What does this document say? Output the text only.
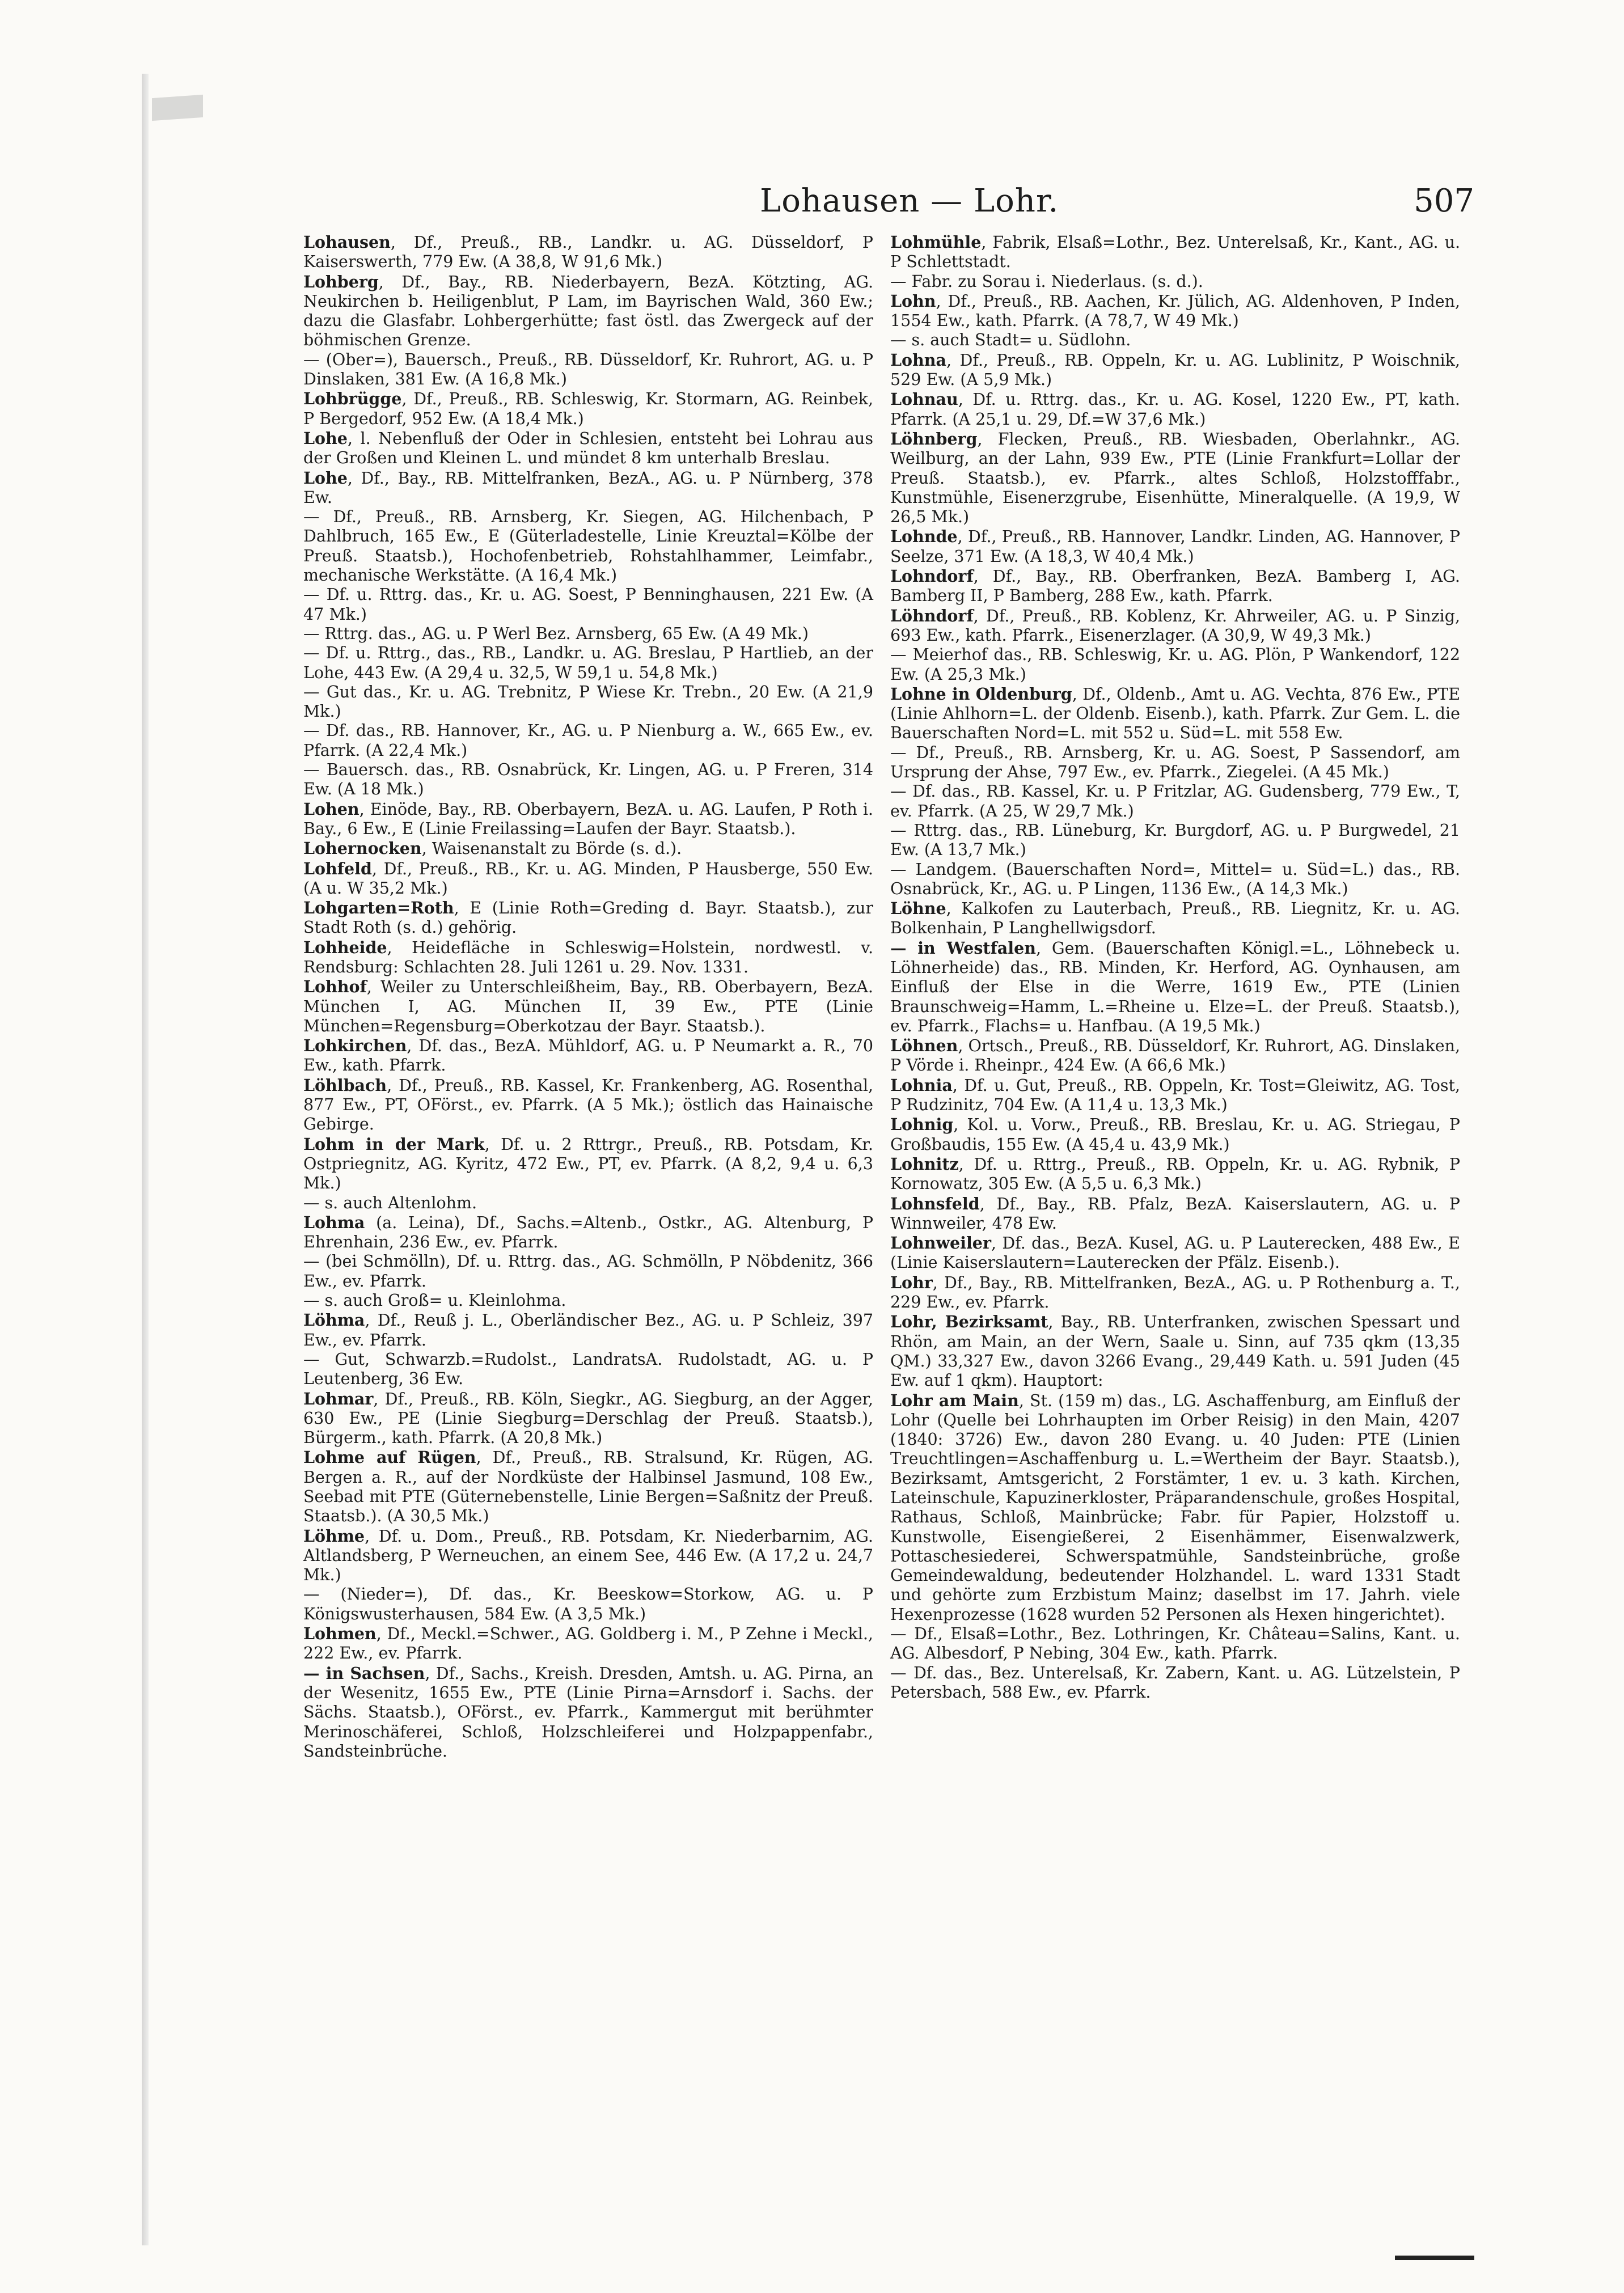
Lohausen — Lohr.	507

Lohausen, Df., Preuß., RB., Landkr. u. AG. Düsseldorf, P Kaiserswerth, 779 Ew. (A 38,8, W 91,6 Mk.)

Lohberg, Df., Bay., RB. Niederbayern, BezA. Kötzting, AG. Neukirchen b. Heiligenblut, P Lam, im Bayrischen Wald, 360 Ew.; dazu die Glasfabr. Lohbergerhütte; fast östl. das Zwergeck auf der böhmischen Grenze.

— (Ober=), Bauersch., Preuß., RB. Düsseldorf, Kr. Ruhrort, AG. u. P Dinslaken, 381 Ew. (A 16,8 Mk.)

Lohbrügge, Df., Preuß., RB. Schleswig, Kr. Stormarn, AG. Reinbek, P Bergedorf, 952 Ew. (A 18,4 Mk.)

Lohe, l. Nebenfluß der Oder in Schlesien, entsteht bei Lohrau aus der Großen und Kleinen L. und mündet 8 km unterhalb Breslau.

Lohe, Df., Bay., RB. Mittelfranken, BezA., AG. u. P Nürnberg, 378 Ew.

— Df., Preuß., RB. Arnsberg, Kr. Siegen, AG. Hilchenbach, P Dahlbruch, 165 Ew., E (Güterladestelle, Linie Kreuztal=Kölbe der Preuß. Staatsb.), Hochofenbetrieb, Rohstahlhammer, Leimfabr., mechanische Werkstätte. (A 16,4 Mk.)

— Df. u. Rttrg. das., Kr. u. AG. Soest, P Benninghausen, 221 Ew. (A 47 Mk.)

— Rttrg. das., AG. u. P Werl Bez. Arnsberg, 65 Ew. (A 49 Mk.)

— Df. u. Rttrg., das., RB., Landkr. u. AG. Breslau, P Hartlieb, an der Lohe, 443 Ew. (A 29,4 u. 32,5, W 59,1 u. 54,8 Mk.)

— Gut das., Kr. u. AG. Trebnitz, P Wiese Kr. Trebn., 20 Ew. (A 21,9 Mk.)

— Df. das., RB. Hannover, Kr., AG. u. P Nienburg a. W., 665 Ew., ev. Pfarrk. (A 22,4 Mk.)

— Bauersch. das., RB. Osnabrück, Kr. Lingen, AG. u. P Freren, 314 Ew. (A 18 Mk.)

Lohen, Einöde, Bay., RB. Oberbayern, BezA. u. AG. Laufen, P Roth i. Bay., 6 Ew., E (Linie Freilassing=Laufen der Bayr. Staatsb.).

Lohernocken, Waisenanstalt zu Börde (s. d.).

Lohfeld, Df., Preuß., RB., Kr. u. AG. Minden, P Hausberge, 550 Ew. (A u. W 35,2 Mk.)

Lohgarten=Roth, E (Linie Roth=Greding d. Bayr. Staatsb.), zur Stadt Roth (s. d.) gehörig.

Lohheide, Heidefläche in Schleswig=Holstein, nordwestl. v. Rendsburg: Schlachten 28. Juli 1261 u. 29. Nov. 1331.

Lohhof, Weiler zu Unterschleißheim, Bay., RB. Oberbayern, BezA. München I, AG. München II, 39 Ew., PTE (Linie München=Regensburg=Oberkotzau der Bayr. Staatsb.).

Lohkirchen, Df. das., BezA. Mühldorf, AG. u. P Neumarkt a. R., 70 Ew., kath. Pfarrk.

Löhlbach, Df., Preuß., RB. Kassel, Kr. Frankenberg, AG. Rosenthal, 877 Ew., PT, OFörst., ev. Pfarrk. (A 5 Mk.); östlich das Hainaische Gebirge.

Lohm in der Mark, Df. u. 2 Rttrgr., Preuß., RB. Potsdam, Kr. Ostpriegnitz, AG. Kyritz, 472 Ew., PT, ev. Pfarrk. (A 8,2, 9,4 u. 6,3 Mk.)

— s. auch Altenlohm.

Lohma (a. Leina), Df., Sachs.=Altenb., Ostkr., AG. Altenburg, P Ehrenhain, 236 Ew., ev. Pfarrk.

— (bei Schmölln), Df. u. Rttrg. das., AG. Schmölln, P Nöbdenitz, 366 Ew., ev. Pfarrk.

— s. auch Groß= u. Kleinlohma.

Löhma, Df., Reuß j. L., Oberländischer Bez., AG. u. P Schleiz, 397 Ew., ev. Pfarrk.

— Gut, Schwarzb.=Rudolst., LandratsA. Rudolstadt, AG. u. P Leutenberg, 36 Ew.

Lohmar, Df., Preuß., RB. Köln, Siegkr., AG. Siegburg, an der Agger, 630 Ew., PE (Linie Siegburg=Derschlag der Preuß. Staatsb.), Bürgerm., kath. Pfarrk. (A 20,8 Mk.)

Lohme auf Rügen, Df., Preuß., RB. Stralsund, Kr. Rügen, AG. Bergen a. R., auf der Nordküste der Halbinsel Jasmund, 108 Ew., Seebad mit PTE (Güternebenstelle, Linie Bergen=Saßnitz der Preuß. Staatsb.). (A 30,5 Mk.)

Löhme, Df. u. Dom., Preuß., RB. Potsdam, Kr. Niederbarnim, AG. Altlandsberg, P Werneuchen, an einem See, 446 Ew. (A 17,2 u. 24,7 Mk.)

— (Nieder=), Df. das., Kr. Beeskow=Storkow, AG. u. P Königswusterhausen, 584 Ew. (A 3,5 Mk.)

Lohmen, Df., Meckl.=Schwer., AG. Goldberg i. M., P Zehne i Meckl., 222 Ew., ev. Pfarrk.

— in Sachsen, Df., Sachs., Kreish. Dresden, Amtsh. u. AG. Pirna, an der Wesenitz, 1655 Ew., PTE (Linie Pirna=Arnsdorf i. Sachs. der Sächs. Staatsb.), OFörst., ev. Pfarrk., Kammergut mit berühmter Merinoschäferei, Schloß, Holzschleiferei und Holzpappenfabr., Sandsteinbrüche.

Lohmühle, Fabrik, Elsaß=Lothr., Bez. Unterelsaß, Kr., Kant., AG. u. P Schlettstadt.

— Fabr. zu Sorau i. Niederlaus. (s. d.).

Lohn, Df., Preuß., RB. Aachen, Kr. Jülich, AG. Aldenhoven, P Inden, 1554 Ew., kath. Pfarrk. (A 78,7, W 49 Mk.)

— s. auch Stadt= u. Südlohn.

Lohna, Df., Preuß., RB. Oppeln, Kr. u. AG. Lublinitz, P Woischnik, 529 Ew. (A 5,9 Mk.)

Lohnau, Df. u. Rttrg. das., Kr. u. AG. Kosel, 1220 Ew., PT, kath. Pfarrk. (A 25,1 u. 29, Df.=W 37,6 Mk.)

Löhnberg, Flecken, Preuß., RB. Wiesbaden, Oberlahnkr., AG. Weilburg, an der Lahn, 939 Ew., PTE (Linie Frankfurt=Lollar der Preuß. Staatsb.), ev. Pfarrk., altes Schloß, Holzstofffabr., Kunstmühle, Eisenerzgrube, Eisenhütte, Mineralquelle. (A 19,9, W 26,5 Mk.)

Lohnde, Df., Preuß., RB. Hannover, Landkr. Linden, AG. Hannover, P Seelze, 371 Ew. (A 18,3, W 40,4 Mk.)

Lohndorf, Df., Bay., RB. Oberfranken, BezA. Bamberg I, AG. Bamberg II, P Bamberg, 288 Ew., kath. Pfarrk.

Löhndorf, Df., Preuß., RB. Koblenz, Kr. Ahrweiler, AG. u. P Sinzig, 693 Ew., kath. Pfarrk., Eisenerzlager. (A 30,9, W 49,3 Mk.)

— Meierhof das., RB. Schleswig, Kr. u. AG. Plön, P Wankendorf, 122 Ew. (A 25,3 Mk.)

Lohne in Oldenburg, Df., Oldenb., Amt u. AG. Vechta, 876 Ew., PTE (Linie Ahlhorn=L. der Oldenb. Eisenb.), kath. Pfarrk. Zur Gem. L. die Bauerschaften Nord=L. mit 552 u. Süd=L. mit 558 Ew.

— Df., Preuß., RB. Arnsberg, Kr. u. AG. Soest, P Sassendorf, am Ursprung der Ahse, 797 Ew., ev. Pfarrk., Ziegelei. (A 45 Mk.)

— Df. das., RB. Kassel, Kr. u. P Fritzlar, AG. Gudensberg, 779 Ew., T, ev. Pfarrk. (A 25, W 29,7 Mk.)

— Rttrg. das., RB. Lüneburg, Kr. Burgdorf, AG. u. P Burgwedel, 21 Ew. (A 13,7 Mk.)

— Landgem. (Bauerschaften Nord=, Mittel= u. Süd=L.) das., RB. Osnabrück, Kr., AG. u. P Lingen, 1136 Ew., (A 14,3 Mk.)

Löhne, Kalkofen zu Lauterbach, Preuß., RB. Liegnitz, Kr. u. AG. Bolkenhain, P Langhellwigsdorf.

— in Westfalen, Gem. (Bauerschaften Königl.=L., Löhnebeck u. Löhnerheide) das., RB. Minden, Kr. Herford, AG. Oynhausen, am Einfluß der Else in die Werre, 1619 Ew., PTE (Linien Braunschweig=Hamm, L.=Rheine u. Elze=L. der Preuß. Staatsb.), ev. Pfarrk., Flachs= u. Hanfbau. (A 19,5 Mk.)

Löhnen, Ortsch., Preuß., RB. Düsseldorf, Kr. Ruhrort, AG. Dinslaken, P Vörde i. Rheinpr., 424 Ew. (A 66,6 Mk.)

Lohnia, Df. u. Gut, Preuß., RB. Oppeln, Kr. Tost=Gleiwitz, AG. Tost, P Rudzinitz, 704 Ew. (A 11,4 u. 13,3 Mk.)

Lohnig, Kol. u. Vorw., Preuß., RB. Breslau, Kr. u. AG. Striegau, P Großbaudis, 155 Ew. (A 45,4 u. 43,9 Mk.)

Lohnitz, Df. u. Rttrg., Preuß., RB. Oppeln, Kr. u. AG. Rybnik, P Kornowatz, 305 Ew. (A 5,5 u. 6,3 Mk.)

Lohnsfeld, Df., Bay., RB. Pfalz, BezA. Kaiserslautern, AG. u. P Winnweiler, 478 Ew.

Lohnweiler, Df. das., BezA. Kusel, AG. u. P Lauterecken, 488 Ew., E (Linie Kaiserslautern=Lauterecken der Pfälz. Eisenb.).

Lohr, Df., Bay., RB. Mittelfranken, BezA., AG. u. P Rothenburg a. T., 229 Ew., ev. Pfarrk.

Lohr, Bezirksamt, Bay., RB. Unterfranken, zwischen Spessart und Rhön, am Main, an der Wern, Saale u. Sinn, auf 735 qkm (13,35 QM.) 33,327 Ew., davon 3266 Evang., 29,449 Kath. u. 591 Juden (45 Ew. auf 1 qkm). Hauptort:

Lohr am Main, St. (159 m) das., LG. Aschaffenburg, am Einfluß der Lohr (Quelle bei Lohrhaupten im Orber Reisig) in den Main, 4207 (1840: 3726) Ew., davon 280 Evang. u. 40 Juden: PTE (Linien Treuchtlingen=Aschaffenburg u. L.=Wertheim der Bayr. Staatsb.), Bezirksamt, Amtsgericht, 2 Forstämter, 1 ev. u. 3 kath. Kirchen, Lateinschule, Kapuzinerkloster, Präparandenschule, großes Hospital, Rathaus, Schloß, Mainbrücke; Fabr. für Papier, Holzstoff u. Kunstwolle, Eisengießerei, 2 Eisenhämmer, Eisenwalzwerk, Pottaschesiederei, Schwerspatmühle, Sandsteinbrüche, große Gemeindewaldung, bedeutender Holzhandel. L. ward 1331 Stadt und gehörte zum Erzbistum Mainz; daselbst im 17. Jahrh. viele Hexenprozesse (1628 wurden 52 Personen als Hexen hingerichtet).

— Df., Elsaß=Lothr., Bez. Lothringen, Kr. Château=Salins, Kant. u. AG. Albesdorf, P Nebing, 304 Ew., kath. Pfarrk.

— Df. das., Bez. Unterelsaß, Kr. Zabern, Kant. u. AG. Lützelstein, P Petersbach, 588 Ew., ev. Pfarrk.
